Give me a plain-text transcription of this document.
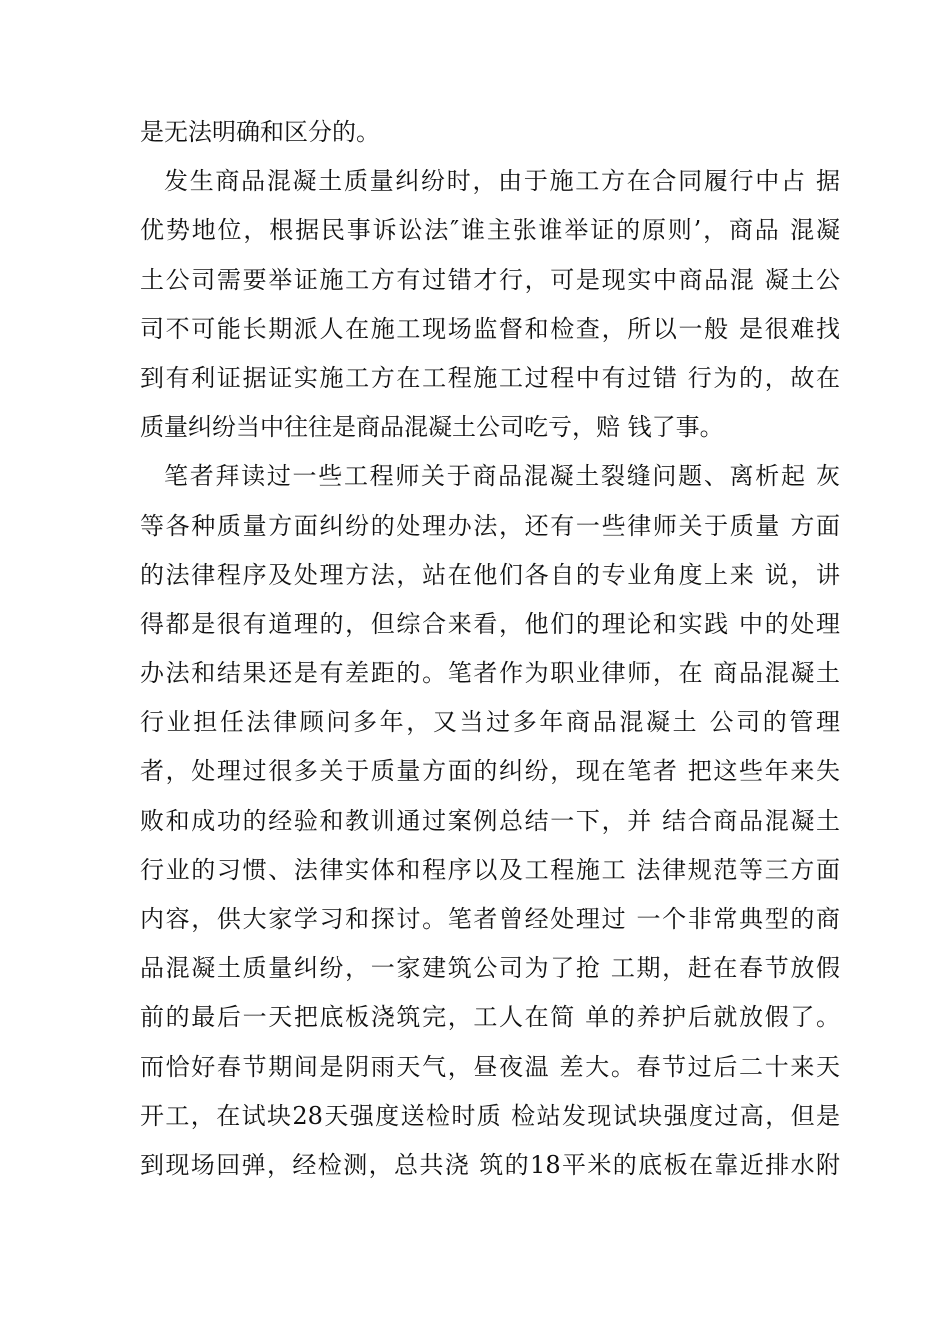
是无法明确和区分的。
发生商品混凝土质量纠纷时，由于施工方在合同履行中占 据
优势地位，根据民事诉讼法″谁主张谁举证的原则’，商品 混凝
土公司需要举证施工方有过错才行，可是现实中商品混 凝土公
司不可能长期派人在施工现场监督和检查，所以一般 是很难找
到有利证据证实施工方在工程施工过程中有过错 行为的，故在
质量纠纷当中往往是商品混凝土公司吃亏，赔 钱了事。
笔者拜读过一些工程师关于商品混凝土裂缝问题、离析起 灰
等各种质量方面纠纷的处理办法，还有一些律师关于质量 方面
的法律程序及处理方法，站在他们各自的专业角度上来 说，讲
得都是很有道理的，但综合来看，他们的理论和实践 中的处理
办法和结果还是有差距的。笔者作为职业律师，在 商品混凝土
行业担任法律顾问多年，又当过多年商品混凝土 公司的管理
者，处理过很多关于质量方面的纠纷，现在笔者 把这些年来失
败和成功的经验和教训通过案例总结一下，并 结合商品混凝土
行业的习惯、法律实体和程序以及工程施工 法律规范等三方面
内容，供大家学习和探讨。笔者曾经处理过 一个非常典型的商
品混凝土质量纠纷，一家建筑公司为了抢 工期，赶在春节放假
前的最后一天把底板浇筑完，工人在简 单的养护后就放假了。
而恰好春节期间是阴雨天气，昼夜温 差大。春节过后二十来天
开工，在试块28天强度送检时质 检站发现试块强度过高，但是
到现场回弹，经检测，总共浇 筑的18平米的底板在靠近排水附
